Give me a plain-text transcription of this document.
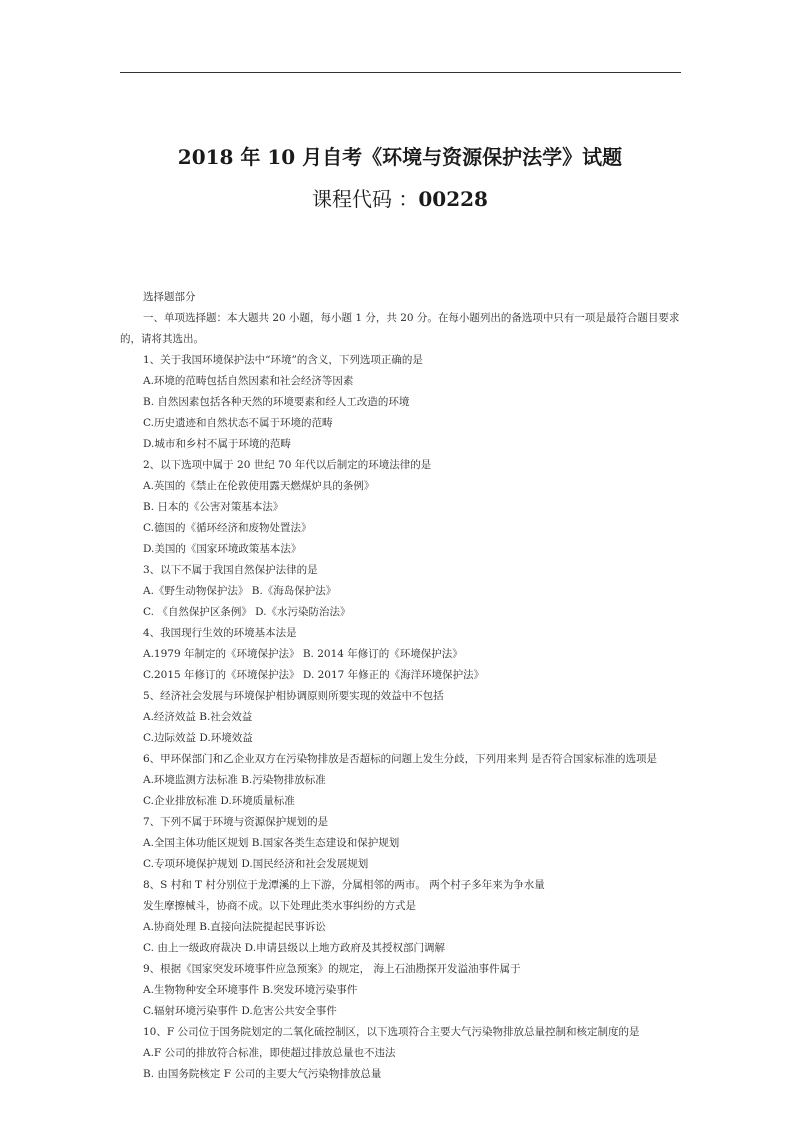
2018 年 10 月自考《环境与资源保护法学》试题
课程代码 ：00228
选择题部分
一、单项选择题：本大题共 20 小题，每小题 1 分，共 20 分。在每小题列出的备选项中只有一项是最符合题目要求
的，请将其选出。
1、关于我国环境保护法中“环境”的含义，下列选项正确的是
A.环境的范畴包括自然因素和社会经济等因素
B. 自然因素包括各种天然的环境要素和经人工改造的环境
C.历史遗迹和自然状态不属于环境的范畴
D.城市和乡村不属于环境的范畴
2、以下选项中属于 20 世纪 70 年代以后制定的环境法律的是
A.英国的《禁止在伦敦使用露天燃煤炉具的条例》
B. 日本的《公害对策基本法》
C.德国的《循环经济和废物处置法》
D.美国的《国家环境政策基本法》
3、以下不属于我国自然保护法律的是
A.《野生动物保护法》 B.《海岛保护法》
C. 《自然保护区条例》 D.《水污染防治法》
4、我国现行生效的环境基本法是
A.1979 年制定的《环境保护法》 B. 2014 年修订的《环境保护法》
C.2015 年修订的《环境保护法》 D. 2017 年修正的《海洋环境保护法》
5、经济社会发展与环境保护相协调原则所要实现的效益中不包括
A.经济效益 B.社会效益
C.边际效益 D.环境效益
6、甲环保部门和乙企业双方在污染物排放是否超标的问题上发生分歧，下列用来判 是否符合国家标准的选项是
A.环境监测方法标准 B.污染物排放标准
C.企业排放标准 D.环境质量标准
7、下列不属于环境与资源保护规划的是
A.全国主体功能区规划 B.国家各类生态建设和保护规划
C.专项环境保护规划 D.国民经济和社会发展规划
8、S 村和 T 村分别位于龙潭溪的上下游，分属相邻的两市。 两个村子多年来为争水量
发生摩擦械斗，协商不成。以下处理此类水事纠纷的方式是
A.协商处理 B.直接向法院提起民事诉讼
C. 由上一级政府裁决 D.申请县级以上地方政府及其授权部门调解
9、根据《国家突发环境事件应急预案》的规定， 海上石油勘探开发溢油事件属于
A.生物物种安全环境事件 B.突发环境污染事件
C.辐射环境污染事件 D.危害公共安全事件
10、F 公司位于国务院划定的二氧化硫控制区，以下选项符合主要大气污染物排放总量控制和核定制度的是
A.F 公司的排放符合标准，即使超过排放总量也不违法
B. 由国务院核定 F 公司的主要大气污染物排放总量
